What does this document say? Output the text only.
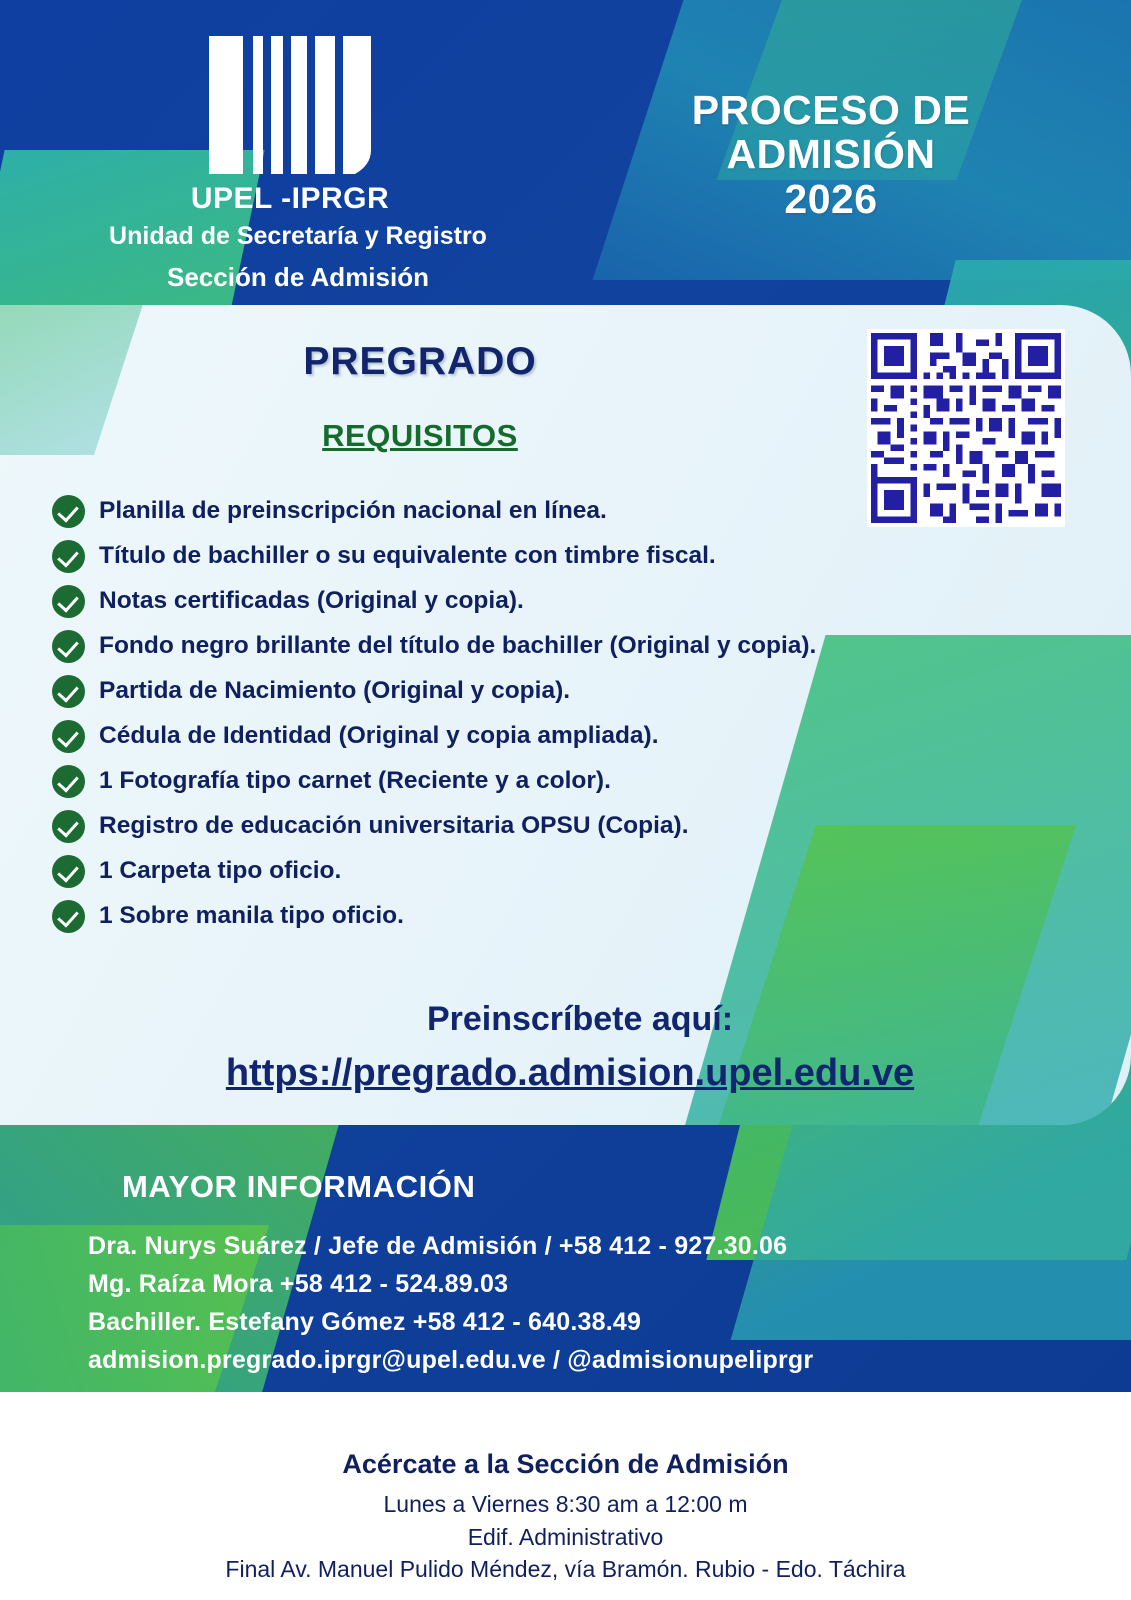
UPEL -IPRGR
Unidad de Secretaría y Registro
Sección de Admisión
PROCESO DE
ADMISIÓN
2026
PREGRADO
REQUISITOS
Planilla de preinscripción nacional en línea.
Título de bachiller o su equivalente con timbre fiscal.
Notas certificadas (Original y copia).
Fondo negro brillante del título de bachiller (Original y copia).
Partida de Nacimiento (Original y copia).
Cédula de Identidad (Original y copia ampliada).
1 Fotografía tipo carnet (Reciente y a color).
Registro de educación universitaria OPSU (Copia).
1 Carpeta tipo oficio.
1 Sobre manila tipo oficio.
Preinscríbete aquí:
https://pregrado.admision.upel.edu.ve
MAYOR INFORMACIÓN
Dra. Nurys Suárez / Jefe de Admisión / +58 412 - 927.30.06
Mg. Raíza Mora +58 412 - 524.89.03
Bachiller. Estefany Gómez +58 412 - 640.38.49
admision.pregrado.iprgr@upel.edu.ve / @admisionupeliprgr
Acércate a la Sección de Admisión
Lunes a Viernes 8:30 am a 12:00 m
Edif. Administrativo
Final Av. Manuel Pulido Méndez, vía Bramón. Rubio - Edo. Táchira
